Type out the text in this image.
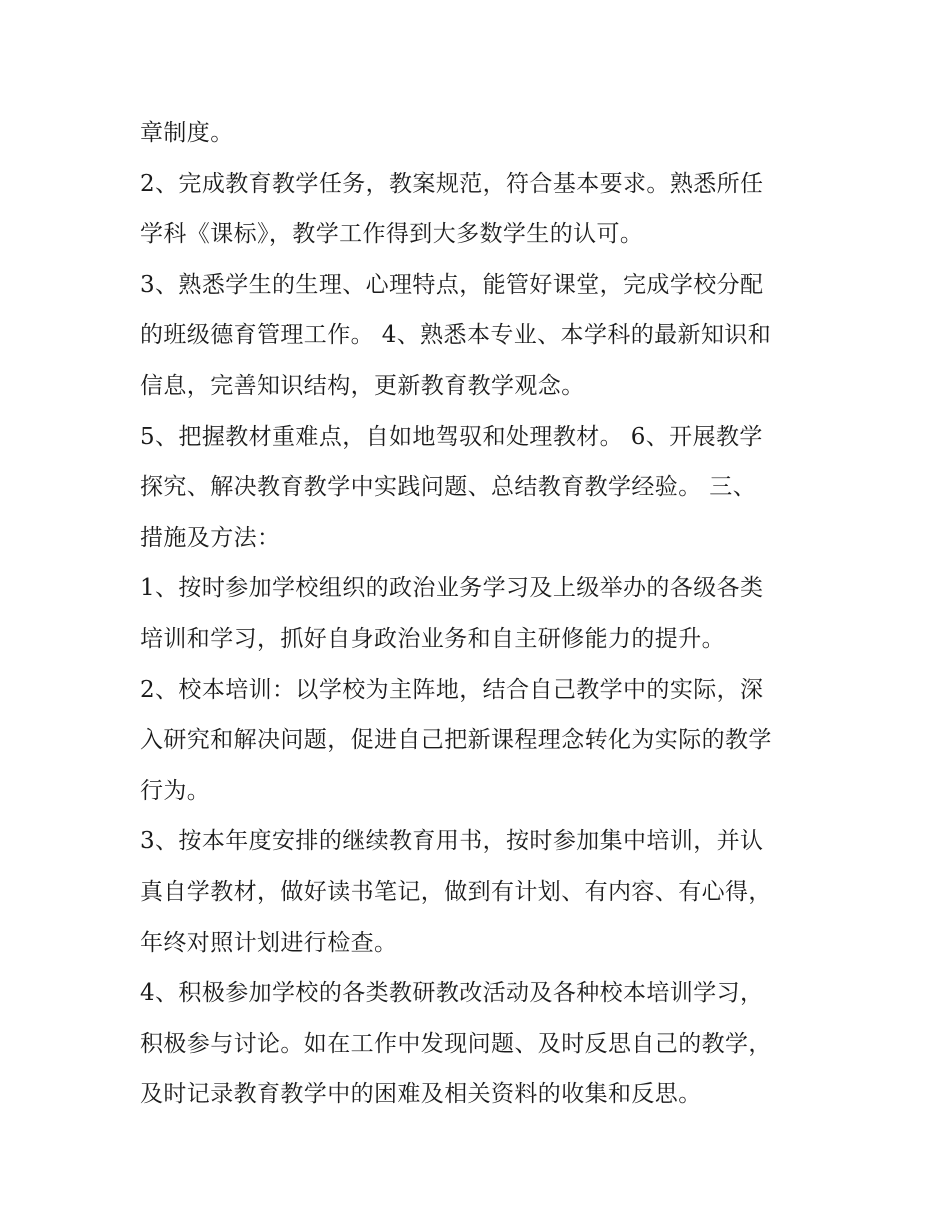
章制度。
2、完成教育教学任务，教案规范，符合基本要求。熟悉所任
学科《课标》，教学工作得到大多数学生的认可。
3、熟悉学生的生理、心理特点，能管好课堂，完成学校分配
的班级德育管理工作。 4、熟悉本专业、本学科的最新知识和
信息，完善知识结构，更新教育教学观念。
5、把握教材重难点，自如地驾驭和处理教材。 6、开展教学
探究、解决教育教学中实践问题、总结教育教学经验。 三、
措施及方法：
1、按时参加学校组织的政治业务学习及上级举办的各级各类
培训和学习，抓好自身政治业务和自主研修能力的提升。
2、校本培训：以学校为主阵地，结合自己教学中的实际，深
入研究和解决问题，促进自己把新课程理念转化为实际的教学
行为。
3、按本年度安排的继续教育用书，按时参加集中培训，并认
真自学教材，做好读书笔记，做到有计划、有内容、有心得，
年终对照计划进行检查。
4、积极参加学校的各类教研教改活动及各种校本培训学习，
积极参与讨论。如在工作中发现问题、及时反思自己的教学，
及时记录教育教学中的困难及相关资料的收集和反思。
